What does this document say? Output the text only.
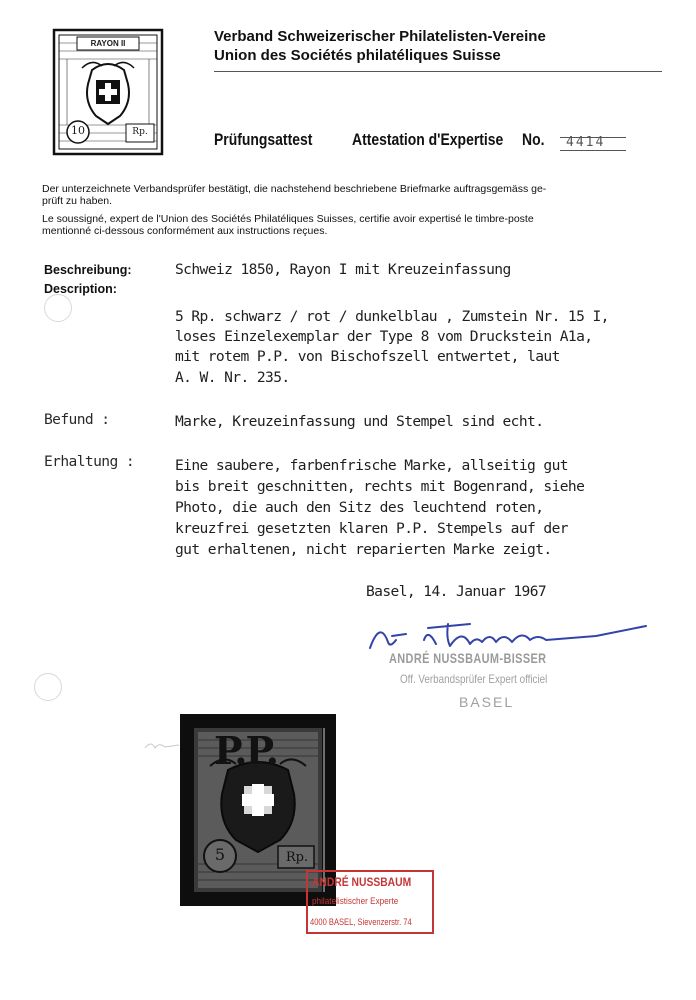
RAYON II
10	Rp.
Verband Schweizerischer Philatelisten-Vereine
Union des Sociétés philatéliques Suisse
Prüfungsattest Attestation d'Expertise No. 4414
Der unterzeichnete Verbandsprüfer bestätigt, die nachstehend beschriebene Briefmarke auftragsgemäss ge-
prüft zu haben.
Le soussigné, expert de l'Union des Sociétés Philatéliques Suisses, certifie avoir expertisé le timbre-poste
mentionné ci-dessous conformément aux instructions reçues.
Beschreibung:
Description:
Schweiz 1850, Rayon I mit Kreuzeinfassung
5 Rp. schwarz / rot / dunkelblau , Zumstein Nr. 15 I,
loses Einzelexemplar der Type 8 vom Druckstein A1a,
mit rotem P.P. von Bischofszell entwertet, laut
A. W. Nr. 235.
Befund :	Marke, Kreuzeinfassung und Stempel sind echt.
Erhaltung :	Eine saubere, farbenfrische Marke, allseitig gut
bis breit geschnitten, rechts mit Bogenrand, siehe
Photo, die auch den Sitz des leuchtend roten,
kreuzfrei gesetzten klaren P.P. Stempels auf der
gut erhaltenen, nicht reparierten Marke zeigt.
Basel, 14. Januar 1967
ANDRÉ NUSSBAUM-BISSER
Off. Verbandsprüfer Expert officiel
BASEL
P.P.
5	Rp.
ANDRÉ NUSSBAUM
philatelistischer Experte
4000 BASEL, Sievenzerstr. 74
